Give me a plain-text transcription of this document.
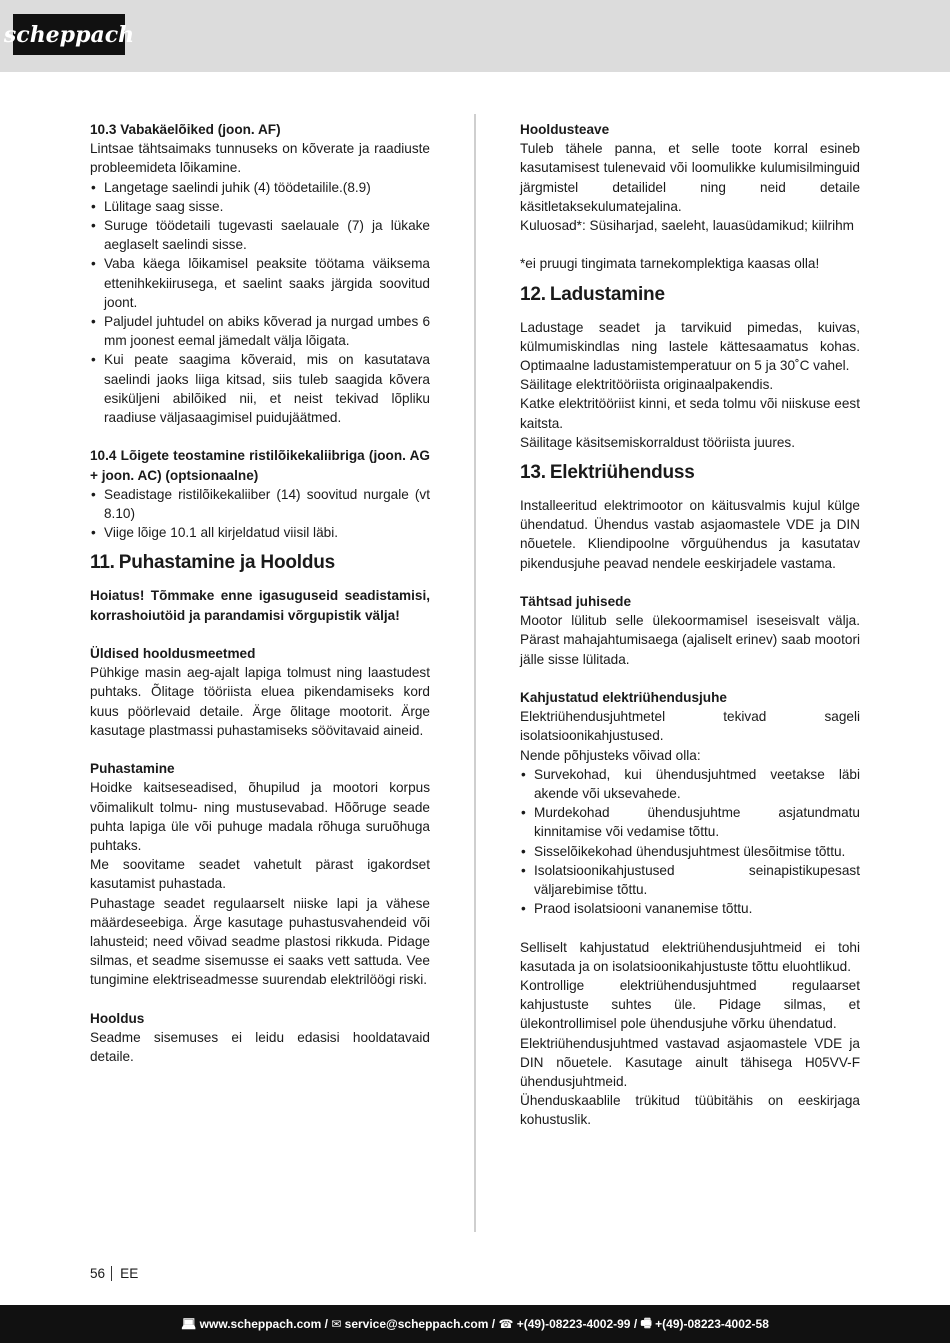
scheppach

10.3 Vabakäelõiked (joon. AF)

Lintsae tähtsaimaks tunnuseks on kõverate ja raadiuste probleemideta lõikamine.

• Langetage saelindi juhik (4) töödetailile.(8.9)
• Lülitage saag sisse.
• Suruge töödetaili tugevasti saelauale (7) ja lükake aeglaselt saelindi sisse.
• Vaba käega lõikamisel peaksite töötama väiksema ettenihkekiirusega, et saelint saaks järgida soovitud joont.
• Paljudel juhtudel on abiks kõverad ja nurgad umbes 6 mm joonest eemal jämedalt välja lõigata.
• Kui peate saagima kõveraid, mis on kasutatava saelindi jaoks liiga kitsad, siis tuleb saagida kõvera esiküljeni abilõiked nii, et neist tekivad lõpliku raadiuse väljasaagimisel puidujäätmed.

10.4 Lõigete teostamine ristilõikekaliibriga (joon. AG + joon. AC) (optsionaalne)

• Seadistage ristilõikekaliiber (14) soovitud nurgale (vt 8.10)
• Viige lõige 10.1 all kirjeldatud viisil läbi.
11. Puhastamine ja Hooldus

Hoiatus! Tõmmake enne igasuguseid seadistamisi, korrashoiutöid ja parandamisi võrgupistik välja!

Üldised hooldusmeetmed

Pühkige masin aeg-ajalt lapiga tolmust ning laastudest puhtaks. Õlitage tööriista eluea pikendamiseks kord kuus pöörlevaid detaile. Ärge õlitage mootorit. Ärge kasutage plastmassi puhastamiseks söövitavaid aineid.

Puhastamine

Hoidke kaitseseadised, õhupilud ja mootori korpus võimalikult tolmu- ning mustusevabad. Hõõruge seade puhta lapiga üle või puhuge madala rõhuga suruõhuga puhtaks.

Me soovitame seadet vahetult pärast igakordset kasutamist puhastada.

Puhastage seadet regulaarselt niiske lapi ja vähese määrdeseebiga. Ärge kasutage puhastusvahendeid või lahusteid; need võivad seadme plastosi rikkuda. Pidage silmas, et seadme sisemusse ei saaks vett sattuda. Vee tungimine elektriseadmesse suurendab elektrilöögi riski.

Hooldus

Seadme sisemuses ei leidu edasisi hooldatavaid detaile.

Hooldusteave

Tuleb tähele panna, et selle toote korral esineb kasutamisest tulenevaid või loomulikke kulumisilminguid järgmistel detailidel ning neid detaile käsitletaksekulumatejalina.

Kuluosad*: Süsiharjad, saeleht, lauasüdamikud; kiilrihm

*ei pruugi tingimata tarnekomplektiga kaasas olla!

12. Ladustamine

Ladustage seadet ja tarvikuid pimedas, kuivas, külmumiskindlas ning lastele kättesaamatus kohas. Optimaalne ladustamistemperatuur on 5 ja 30˚C vahel.

Säilitage elektritööriista originaalpakendis.

Katke elektritööriist kinni, et seda tolmu või niiskuse eest kaitsta.

Säilitage käsitsemiskorraldust tööriista juures.

13. Elektriühenduss

Installeeritud elektrimootor on käitusvalmis kujul külge ühendatud. Ühendus vastab asjaomastele VDE ja DIN nõuetele. Kliendipoolne võrguühendus ja kasutatav pikendusjuhe peavad nendele eeskirjadele vastama.

Tähtsad juhisede

Mootor lülitub selle ülekoormamisel iseseisvalt välja. Pärast mahajahtumisaega (ajaliselt erinev) saab mootori jälle sisse lülitada.

Kahjustatud elektriühendusjuhe

Elektriühendusjuhtmetel tekivad sageli isolatsioonikahjustused.

Nende põhjusteks võivad olla:

• Survekohad, kui ühendusjuhtmed veetakse läbi akende või uksevahede.
• Murdekohad ühendusjuhtme asjatundmatu kinnitamise või vedamise tõttu.
• Sisselõikekohad ühendusjuhtmest ülesõitmise tõttu.
• Isolatsioonikahjustused seinapistikupesast väljarebimise tõttu.
• Praod isolatsiooni vananemise tõttu.

Selliselt kahjustatud elektriühendusjuhtmeid ei tohi kasutada ja on isolatsioonikahjustuste tõttu eluohtlikud.

Kontrollige elektriühendusjuhtmed regulaarset kahjustuste suhtes üle. Pidage silmas, et ülekontrollimisel pole ühendusjuhe võrku ühendatud.

Elektriühendusjuhtmed vastavad asjaomastele VDE ja DIN nõuetele. Kasutage ainult tähisega H05VV-F ühendusjuhtmeid.

Ühenduskaablile trükitud tüübitähis on eeskirjaga kohustuslik.

56 EE
💻︎ www.scheppach.com / ✉ service@scheppach.com / ☎ +(49)-08223-4002-99 / 🖷 +(49)-08223-4002-58
